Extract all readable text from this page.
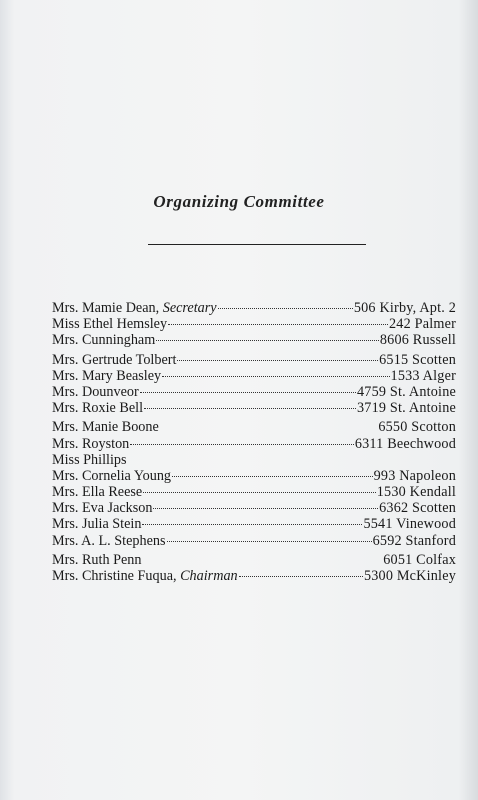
Organizing Committee
Mrs. Mamie Dean, Secretary	506 Kirby, Apt. 2
Miss Ethel Hemsley	242 Palmer
Mrs. Cunningham	8606 Russell
Mrs. Gertrude Tolbert	6515 Scotten
Mrs. Mary Beasley	1533 Alger
Mrs. Dounveor	4759 St. Antoine
Mrs. Roxie Bell	3719 St. Antoine
Mrs. Manie Boone	6550 Scotton
Mrs. Royston	6311 Beechwood
Miss Phillips
Mrs. Cornelia Young	993 Napoleon
Mrs. Ella Reese	1530 Kendall
Mrs. Eva Jackson	6362 Scotten
Mrs. Julia Stein	5541 Vinewood
Mrs. A. L. Stephens	6592 Stanford
Mrs. Ruth Penn	6051 Colfax
Mrs. Christine Fuqua, Chairman	5300 McKinley
